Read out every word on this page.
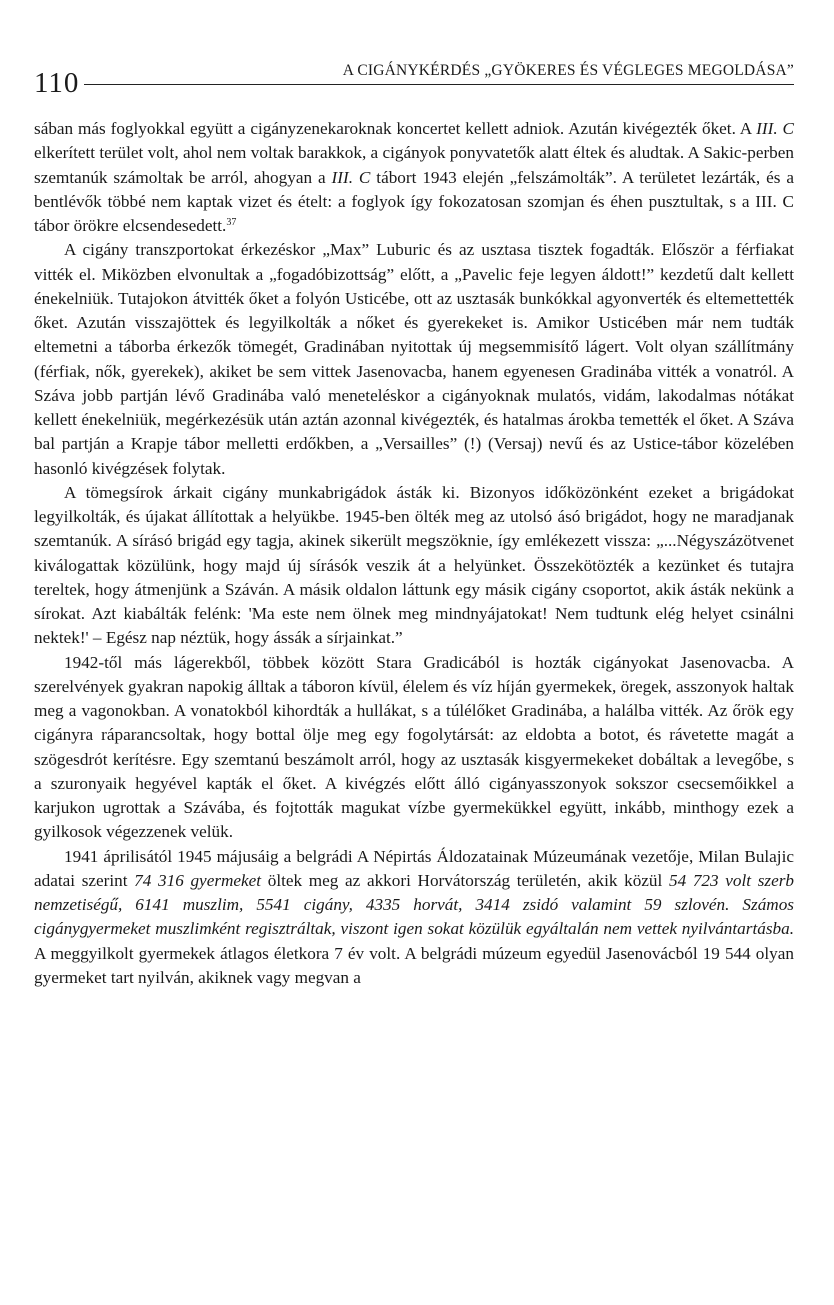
110	A CIGÁNYKÉRDÉS „GYÖKERES ÉS VÉGLEGES MEGOLDÁSA”

sában más foglyokkal együtt a cigányzenekaroknak koncertet kellett adniok. Azután kivégezték őket. A III. C elkerített terület volt, ahol nem voltak barakkok, a cigányok ponyvatetők alatt éltek és aludtak. A Sakic-perben szemtanúk számoltak be arról, ahogyan a III. C tábort 1943 elején „felszámolták”. A területet lezárták, és a bentlévők többé nem kaptak vizet és ételt: a foglyok így fokozatosan szomjan és éhen pusztultak, s a III. C tábor örökre elcsendesedett.$^{37}$

A cigány transzportokat érkezéskor „Max” Luburic és az usztasa tisztek fogadták. Először a férfiakat vitték el. Miközben elvonultak a „fogadóbizottság” előtt, a „Pavelic feje legyen áldott!” kezdetű dalt kellett énekelniük. Tutajokon átvitték őket a folyón Usticébe, ott az usztasák bunkókkal agyonverték és eltemettették őket. Azután visszajöttek és legyilkolták a nőket és gyerekeket is. Amikor Usticében már nem tudták eltemetni a táborba érkezők tömegét, Gradinában nyitottak új megsemmisítő lágert. Volt olyan szállítmány (férfiak, nők, gyerekek), akiket be sem vittek Jasenovacba, hanem egyenesen Gradinába vitték a vonatról. A Száva jobb partján lévő Gradinába való meneteléskor a cigányoknak mulatós, vidám, lakodalmas nótákat kellett énekelniük, megérkezésük után aztán azonnal kivégezték, és hatalmas árokba temették el őket. A Száva bal partján a Krapje tábor melletti erdőkben, a „Versailles” (!) (Versaj) nevű és az Ustice-tábor közelében hasonló kivégzések folytak.

A tömegsírok árkait cigány munkabrigádok ásták ki. Bizonyos időközönként ezeket a brigádokat legyilkolták, és újakat állítottak a helyükbe. 1945-ben ölték meg az utolsó ásó brigádot, hogy ne maradjanak szemtanúk. A sírásó brigád egy tagja, akinek sikerült megszöknie, így emlékezett vissza: „...Négyszázötvenet kiválogattak közülünk, hogy majd új sírásók veszik át a helyünket. Összekötözték a kezünket és tutajra tereltek, hogy átmenjünk a Száván. A másik oldalon láttunk egy másik cigány csoportot, akik ásták nekünk a sírokat. Azt kiabálták felénk: 'Ma este nem ölnek meg mindnyájatokat! Nem tudtunk elég helyet csinálni nektek!' – Egész nap néztük, hogy ássák a sírjainkat.”

1942-től más lágerekből, többek között Stara Gradicából is hozták cigányokat Jasenovacba. A szerelvények gyakran napokig álltak a táboron kívül, élelem és víz híján gyermekek, öregek, asszonyok haltak meg a vagonokban. A vonatokból kihordták a hullákat, s a túlélőket Gradinába, a halálba vitték. Az őrök egy cigányra ráparancsoltak, hogy bottal ölje meg egy fogolytársát: az eldobta a botot, és rávetette magát a szögesdrót kerítésre. Egy szemtanú beszámolt arról, hogy az usztasák kisgyermekeket dobáltak a levegőbe, s a szuronyaik hegyével kapták el őket. A kivégzés előtt álló cigányasszonyok sokszor csecsemőikkel a karjukon ugrottak a Szávába, és fojtották magukat vízbe gyermekükkel együtt, inkább, minthogy ezek a gyilkosok végezzenek velük.

1941 áprilisától 1945 májusáig a belgrádi A Népirtás Áldozatainak Múzeumának vezetője, Milan Bulajic adatai szerint 74 316 gyermeket öltek meg az akkori Horvátország területén, akik közül 54 723 volt szerb nemzetiségű, 6141 muszlim, 5541 cigány, 4335 horvát, 3414 zsidó valamint 59 szlovén. Számos cigánygyermeket muszlimként regisztráltak, viszont igen sokat közülük egyáltalán nem vettek nyilvántartásba. A meggyilkolt gyermekek átlagos életkora 7 év volt. A belgrádi múzeum egyedül Jasenovácból 19 544 olyan gyermeket tart nyilván, akiknek vagy megvan a
